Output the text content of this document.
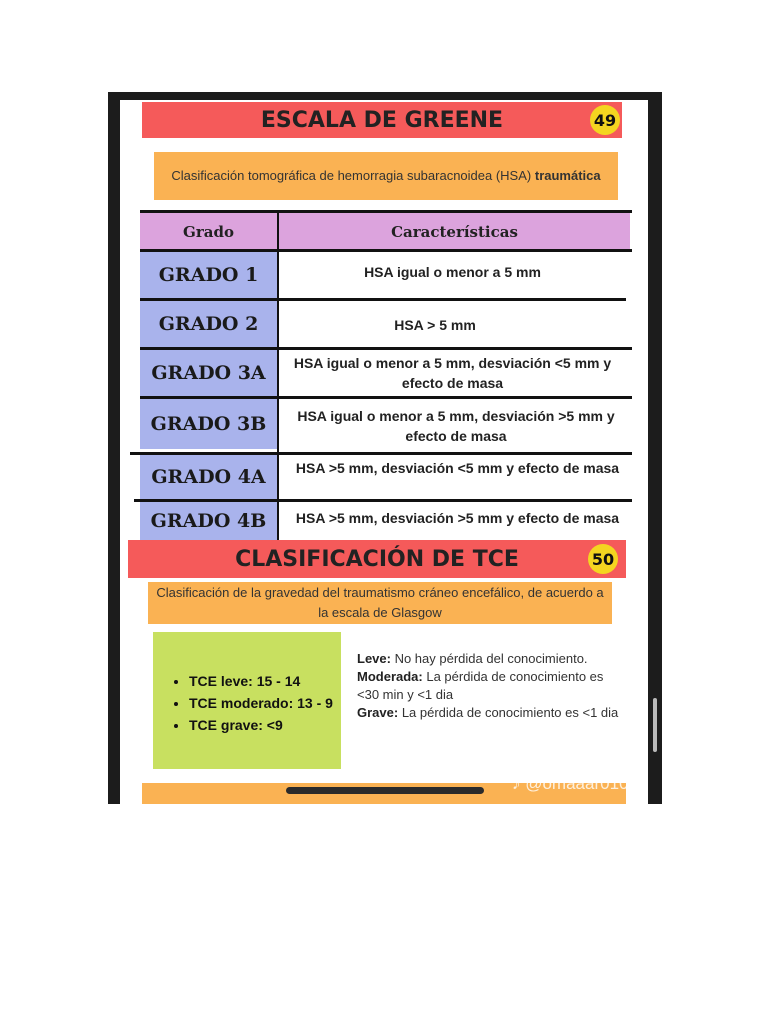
ESCALA DE GREENE	49
Clasificación tomográfica de hemorragia subaracnoidea (HSA) traumática
Grado	Características
GRADO 1	HSA igual o menor a 5 mm
GRADO 2	HSA > 5 mm
GRADO 3A	HSA igual o menor a 5 mm, desviación <5 mm y efecto de masa
GRADO 3B	HSA igual o menor a 5 mm, desviación >5 mm y efecto de masa
GRADO 4A	HSA >5 mm, desviación <5 mm y efecto de masa
GRADO 4B	HSA >5 mm, desviación >5 mm y efecto de masa
CLASIFICACIÓN DE TCE	50
Clasificación de la gravedad del traumatismo cráneo encefálico, de acuerdo a la escala de Glasgow
• TCE leve: 15 - 14
• TCE moderado: 13 - 9
• TCE grave: <9
Leve: No hay pérdida del conocimiento.
Moderada: La pérdida de conocimiento es <30 min y <1 dia
Grave: La pérdida de conocimiento es <1 dia
♪ @omaaar0101
